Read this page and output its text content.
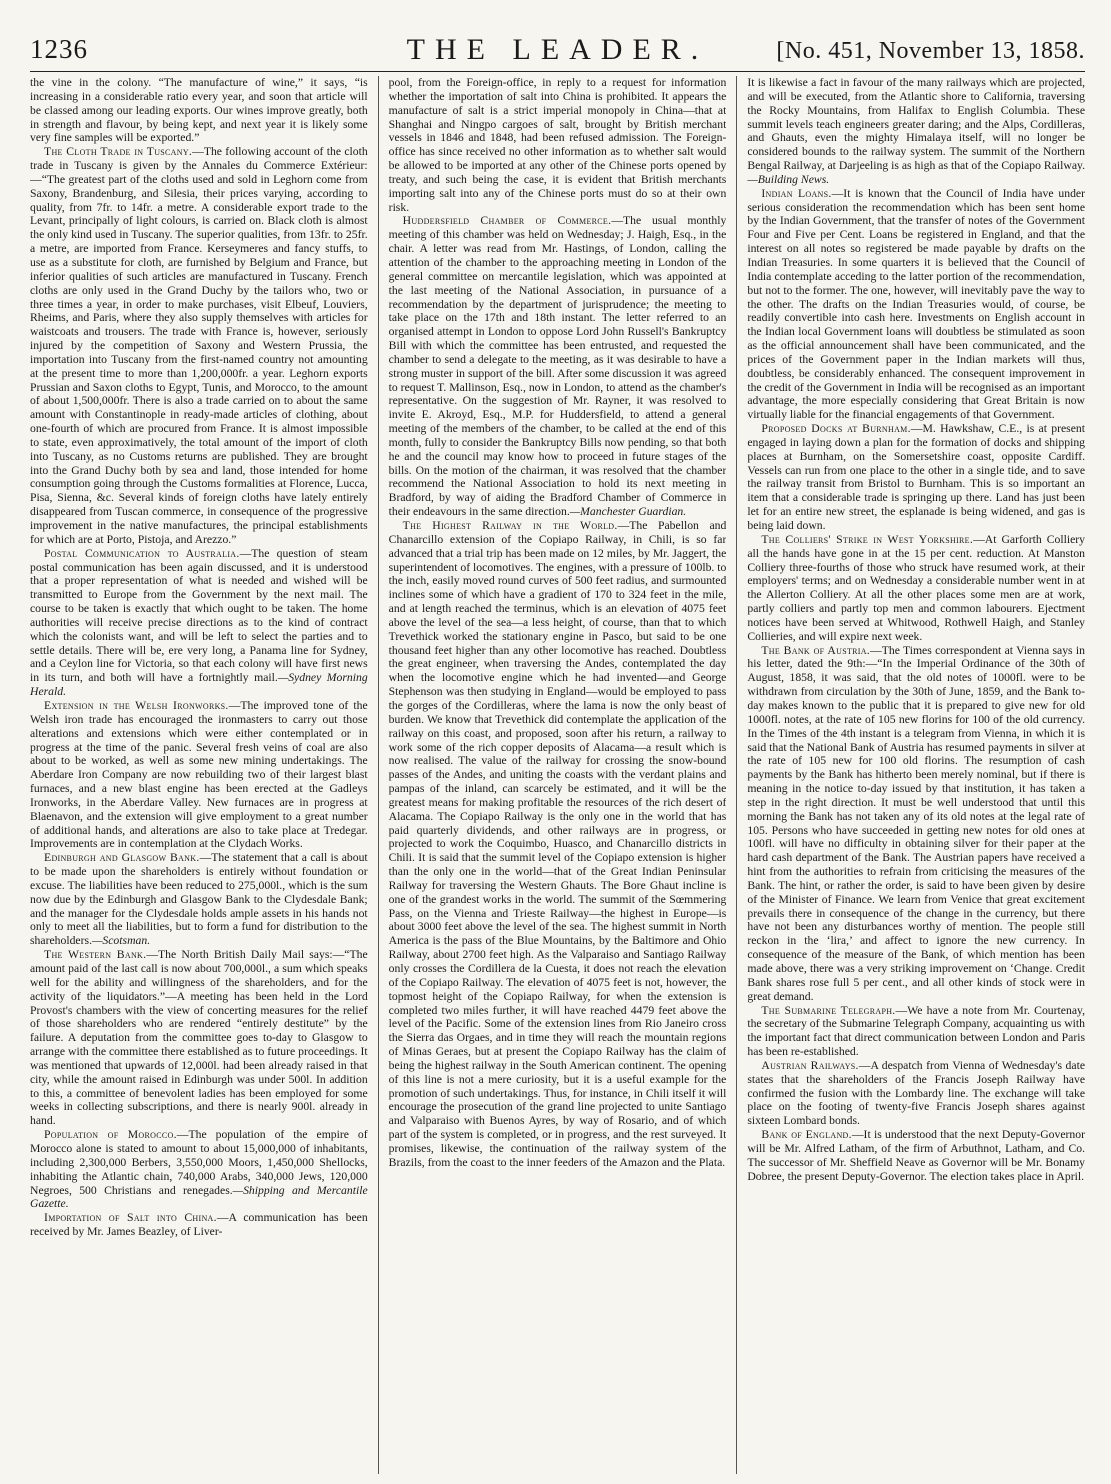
1236	THE LEADER.	[No. 451, November 13, 1858.

the vine in the colony. “The manufacture of wine,” it says, “is increasing in a considerable ratio every year, and soon that article will be classed among our leading exports. Our wines improve greatly, both in strength and flavour, by being kept, and next year it is likely some very fine samples will be exported.”

The Cloth Trade in Tuscany.—The following account of the cloth trade in Tuscany is given by the Annales du Commerce Extérieur:—“The greatest part of the cloths used and sold in Leghorn come from Saxony, Brandenburg, and Silesia, their prices varying, according to quality, from 7fr. to 14fr. a metre. A considerable export trade to the Levant, principally of light colours, is carried on. Black cloth is almost the only kind used in Tuscany. The superior qualities, from 13fr. to 25fr. a metre, are imported from France. Kerseymeres and fancy stuffs, to use as a substitute for cloth, are furnished by Belgium and France, but inferior qualities of such articles are manufactured in Tuscany. French cloths are only used in the Grand Duchy by the tailors who, two or three times a year, in order to make purchases, visit Elbeuf, Louviers, Rheims, and Paris, where they also supply themselves with articles for waistcoats and trousers. The trade with France is, however, seriously injured by the competition of Saxony and Western Prussia, the importation into Tuscany from the first-named country not amounting at the present time to more than 1,200,000fr. a year. Leghorn exports Prussian and Saxon cloths to Egypt, Tunis, and Morocco, to the amount of about 1,500,000fr. There is also a trade carried on to about the same amount with Constantinople in ready-made articles of clothing, about one-fourth of which are procured from France. It is almost impossible to state, even approximatively, the total amount of the import of cloth into Tuscany, as no Customs returns are published. They are brought into the Grand Duchy both by sea and land, those intended for home consumption going through the Customs formalities at Florence, Lucca, Pisa, Sienna, &c. Several kinds of foreign cloths have lately entirely disappeared from Tuscan commerce, in consequence of the progressive improvement in the native manufactures, the principal establishments for which are at Porto, Pistoja, and Arezzo.”

Postal Communication to Australia.—The question of steam postal communication has been again discussed, and it is understood that a proper representation of what is needed and wished will be transmitted to Europe from the Government by the next mail. The course to be taken is exactly that which ought to be taken. The home authorities will receive precise directions as to the kind of contract which the colonists want, and will be left to select the parties and to settle details. There will be, ere very long, a Panama line for Sydney, and a Ceylon line for Victoria, so that each colony will have first news in its turn, and both will have a fortnightly mail.—Sydney Morning Herald.

Extension in the Welsh Ironworks.—The improved tone of the Welsh iron trade has encouraged the ironmasters to carry out those alterations and extensions which were either contemplated or in progress at the time of the panic. Several fresh veins of coal are also about to be worked, as well as some new mining undertakings. The Aberdare Iron Company are now rebuilding two of their largest blast furnaces, and a new blast engine has been erected at the Gadleys Ironworks, in the Aberdare Valley. New furnaces are in progress at Blaenavon, and the extension will give employment to a great number of additional hands, and alterations are also to take place at Tredegar. Improvements are in contemplation at the Clydach Works.

Edinburgh and Glasgow Bank.—The statement that a call is about to be made upon the shareholders is entirely without foundation or excuse. The liabilities have been reduced to 275,000l., which is the sum now due by the Edinburgh and Glasgow Bank to the Clydesdale Bank; and the manager for the Clydesdale holds ample assets in his hands not only to meet all the liabilities, but to form a fund for distribution to the shareholders.—Scotsman.

The Western Bank.—The North British Daily Mail says:—“The amount paid of the last call is now about 700,000l., a sum which speaks well for the ability and willingness of the shareholders, and for the activity of the liquidators.”—A meeting has been held in the Lord Provost's chambers with the view of concerting measures for the relief of those shareholders who are rendered “entirely destitute” by the failure. A deputation from the committee goes to-day to Glasgow to arrange with the committee there established as to future proceedings. It was mentioned that upwards of 12,000l. had been already raised in that city, while the amount raised in Edinburgh was under 500l. In addition to this, a committee of benevolent ladies has been employed for some weeks in collecting subscriptions, and there is nearly 900l. already in hand.

Population of Morocco.—The population of the empire of Morocco alone is stated to amount to about 15,000,000 of inhabitants, including 2,300,000 Berbers, 3,550,000 Moors, 1,450,000 Shellocks, inhabiting the Atlantic chain, 740,000 Arabs, 340,000 Jews, 120,000 Negroes, 500 Christians and renegades.—Shipping and Mercantile Gazette.

Importation of Salt into China.—A communication has been received by Mr. James Beazley, of Liver-

pool, from the Foreign-office, in reply to a request for information whether the importation of salt into China is prohibited. It appears the manufacture of salt is a strict imperial monopoly in China—that at Shanghai and Ningpo cargoes of salt, brought by British merchant vessels in 1846 and 1848, had been refused admission. The Foreign-office has since received no other information as to whether salt would be allowed to be imported at any other of the Chinese ports opened by treaty, and such being the case, it is evident that British merchants importing salt into any of the Chinese ports must do so at their own risk.

Huddersfield Chamber of Commerce.—The usual monthly meeting of this chamber was held on Wednesday; J. Haigh, Esq., in the chair. A letter was read from Mr. Hastings, of London, calling the attention of the chamber to the approaching meeting in London of the general committee on mercantile legislation, which was appointed at the last meeting of the National Association, in pursuance of a recommendation by the department of jurisprudence; the meeting to take place on the 17th and 18th instant. The letter referred to an organised attempt in London to oppose Lord John Russell's Bankruptcy Bill with which the committee has been entrusted, and requested the chamber to send a delegate to the meeting, as it was desirable to have a strong muster in support of the bill. After some discussion it was agreed to request T. Mallinson, Esq., now in London, to attend as the chamber's representative. On the suggestion of Mr. Rayner, it was resolved to invite E. Akroyd, Esq., M.P. for Huddersfield, to attend a general meeting of the members of the chamber, to be called at the end of this month, fully to consider the Bankruptcy Bills now pending, so that both he and the council may know how to proceed in future stages of the bills. On the motion of the chairman, it was resolved that the chamber recommend the National Association to hold its next meeting in Bradford, by way of aiding the Bradford Chamber of Commerce in their endeavours in the same direction.—Manchester Guardian.

The Highest Railway in the World.—The Pabellon and Chanarcillo extension of the Copiapo Railway, in Chili, is so far advanced that a trial trip has been made on 12 miles, by Mr. Jaggert, the superintendent of locomotives. The engines, with a pressure of 100lb. to the inch, easily moved round curves of 500 feet radius, and surmounted inclines some of which have a gradient of 170 to 324 feet in the mile, and at length reached the terminus, which is an elevation of 4075 feet above the level of the sea—a less height, of course, than that to which Trevethick worked the stationary engine in Pasco, but said to be one thousand feet higher than any other locomotive has reached. Doubtless the great engineer, when traversing the Andes, contemplated the day when the locomotive engine which he had invented—and George Stephenson was then studying in England—would be employed to pass the gorges of the Cordilleras, where the lama is now the only beast of burden. We know that Trevethick did contemplate the application of the railway on this coast, and proposed, soon after his return, a railway to work some of the rich copper deposits of Alacama—a result which is now realised. The value of the railway for crossing the snow-bound passes of the Andes, and uniting the coasts with the verdant plains and pampas of the inland, can scarcely be estimated, and it will be the greatest means for making profitable the resources of the rich desert of Alacama. The Copiapo Railway is the only one in the world that has paid quarterly dividends, and other railways are in progress, or projected to work the Coquimbo, Huasco, and Chanarcillo districts in Chili. It is said that the summit level of the Copiapo extension is higher than the only one in the world—that of the Great Indian Peninsular Railway for traversing the Western Ghauts. The Bore Ghaut incline is one of the grandest works in the world. The summit of the Sœmmering Pass, on the Vienna and Trieste Railway—the highest in Europe—is about 3000 feet above the level of the sea. The highest summit in North America is the pass of the Blue Mountains, by the Baltimore and Ohio Railway, about 2700 feet high. As the Valparaiso and Santiago Railway only crosses the Cordillera de la Cuesta, it does not reach the elevation of the Copiapo Railway. The elevation of 4075 feet is not, however, the topmost height of the Copiapo Railway, for when the extension is completed two miles further, it will have reached 4479 feet above the level of the Pacific. Some of the extension lines from Rio Janeiro cross the Sierra das Orgaes, and in time they will reach the mountain regions of Minas Geraes, but at present the Copiapo Railway has the claim of being the highest railway in the South American continent. The opening of this line is not a mere curiosity, but it is a useful example for the promotion of such undertakings. Thus, for instance, in Chili itself it will encourage the prosecution of the grand line projected to unite Santiago and Valparaiso with Buenos Ayres, by way of Rosario, and of which part of the system is completed, or in progress, and the rest surveyed. It promises, likewise, the continuation of the railway system of the Brazils, from the coast to the inner feeders of the Amazon and the Plata.

It is likewise a fact in favour of the many railways which are projected, and will be executed, from the Atlantic shore to California, traversing the Rocky Mountains, from Halifax to English Columbia. These summit levels teach engineers greater daring; and the Alps, Cordilleras, and Ghauts, even the mighty Himalaya itself, will no longer be considered bounds to the railway system. The summit of the Northern Bengal Railway, at Darjeeling is as high as that of the Copiapo Railway.—Building News.

Indian Loans.—It is known that the Council of India have under serious consideration the recommendation which has been sent home by the Indian Government, that the transfer of notes of the Government Four and Five per Cent. Loans be registered in England, and that the interest on all notes so registered be made payable by drafts on the Indian Treasuries. In some quarters it is believed that the Council of India contemplate acceding to the latter portion of the recommendation, but not to the former. The one, however, will inevitably pave the way to the other. The drafts on the Indian Treasuries would, of course, be readily convertible into cash here. Investments on English account in the Indian local Government loans will doubtless be stimulated as soon as the official announcement shall have been communicated, and the prices of the Government paper in the Indian markets will thus, doubtless, be considerably enhanced. The consequent improvement in the credit of the Government in India will be recognised as an important advantage, the more especially considering that Great Britain is now virtually liable for the financial engagements of that Government.

Proposed Docks at Burnham.—M. Hawkshaw, C.E., is at present engaged in laying down a plan for the formation of docks and shipping places at Burnham, on the Somersetshire coast, opposite Cardiff. Vessels can run from one place to the other in a single tide, and to save the railway transit from Bristol to Burnham. This is so important an item that a considerable trade is springing up there. Land has just been let for an entire new street, the esplanade is being widened, and gas is being laid down.

The Colliers' Strike in West Yorkshire.—At Garforth Colliery all the hands have gone in at the 15 per cent. reduction. At Manston Colliery three-fourths of those who struck have resumed work, at their employers' terms; and on Wednesday a considerable number went in at the Allerton Colliery. At all the other places some men are at work, partly colliers and partly top men and common labourers. Ejectment notices have been served at Whitwood, Rothwell Haigh, and Stanley Collieries, and will expire next week.

The Bank of Austria.—The Times correspondent at Vienna says in his letter, dated the 9th:—“In the Imperial Ordinance of the 30th of August, 1858, it was said, that the old notes of 1000fl. were to be withdrawn from circulation by the 30th of June, 1859, and the Bank to-day makes known to the public that it is prepared to give new for old 1000fl. notes, at the rate of 105 new florins for 100 of the old currency. In the Times of the 4th instant is a telegram from Vienna, in which it is said that the National Bank of Austria has resumed payments in silver at the rate of 105 new for 100 old florins. The resumption of cash payments by the Bank has hitherto been merely nominal, but if there is meaning in the notice to-day issued by that institution, it has taken a step in the right direction. It must be well understood that until this morning the Bank has not taken any of its old notes at the legal rate of 105. Persons who have succeeded in getting new notes for old ones at 100fl. will have no difficulty in obtaining silver for their paper at the hard cash department of the Bank. The Austrian papers have received a hint from the authorities to refrain from criticising the measures of the Bank. The hint, or rather the order, is said to have been given by desire of the Minister of Finance. We learn from Venice that great excitement prevails there in consequence of the change in the currency, but there have not been any disturbances worthy of mention. The people still reckon in the ‘lira,’ and affect to ignore the new currency. In consequence of the measure of the Bank, of which mention has been made above, there was a very striking improvement on ‘Change. Credit Bank shares rose full 5 per cent., and all other kinds of stock were in great demand.

The Submarine Telegraph.—We have a note from Mr. Courtenay, the secretary of the Submarine Telegraph Company, acquainting us with the important fact that direct communication between London and Paris has been re-established.

Austrian Railways.—A despatch from Vienna of Wednesday's date states that the shareholders of the Francis Joseph Railway have confirmed the fusion with the Lombardy line. The exchange will take place on the footing of twenty-five Francis Joseph shares against sixteen Lombard bonds.

Bank of England.—It is understood that the next Deputy-Governor will be Mr. Alfred Latham, of the firm of Arbuthnot, Latham, and Co. The successor of Mr. Sheffield Neave as Governor will be Mr. Bonamy Dobree, the present Deputy-Governor. The election takes place in April.
